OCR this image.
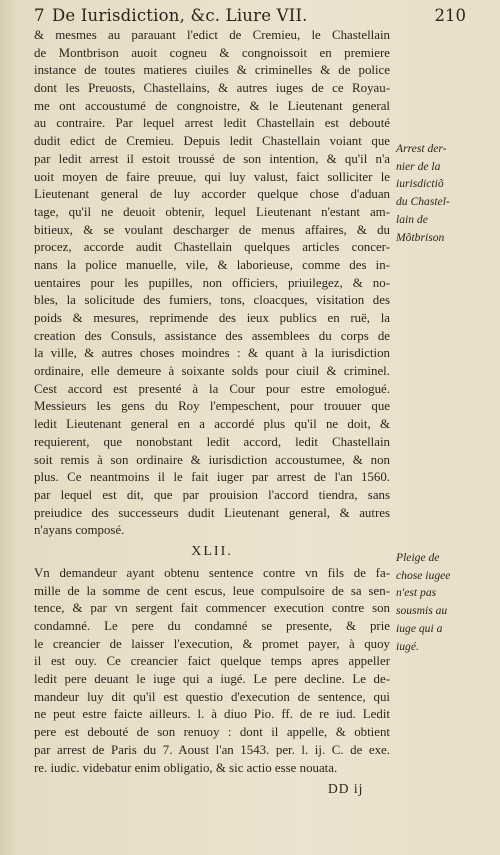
7 De Iurisdiction, &c. Liure VII.	210
& mesmes au parauant l'edict de Cremieu, le Chastellain
de Montbrison auoit cogneu & congnoissoit en premiere
instance de toutes matieres ciuiles & criminelles & de police
dont les Preuosts, Chastellains, & autres iuges de ce Royau-
me ont accoustumé de congnoistre, & le Lieutenant general
au contraire. Par lequel arrest ledit Chastellain est debouté
dudit edict de Cremieu. Depuis ledit Chastellain voiant que
par ledit arrest il estoit troussé de son intention, & qu'il n'a
uoit moyen de faire preuue, qui luy valust, faict solliciter le
Lieutenant general de luy accorder quelque chose d'aduan
tage, qu'il ne deuoit obtenir, lequel Lieutenant n'estant am-
bitieux, & se voulant descharger de menus affaires, & du
procez, accorde audit Chastellain quelques articles concer-
nans la police manuelle, vile, & laborieuse, comme des in-
uentaires pour les pupilles, non officiers, priuilegez, & no-
bles, la solicitude des fumiers, tons, cloacques, visitation des
poids & mesures, reprimende des ieux publics en ruë, la
creation des Consuls, assistance des assemblees du corps de
la ville, & autres choses moindres : & quant à la iurisdiction
ordinaire, elle demeure à soixante solds pour ciuil & criminel.
Cest accord est presenté à la Cour pour estre emologué.
Messieurs les gens du Roy l'empeschent, pour trouuer que
ledit Lieutenant general en a accordé plus qu'il ne doit, &
requierent, que nonobstant ledit accord, ledit Chastellain
soit remis à son ordinaire & iurisdiction accoustumee, & non
plus. Ce neantmoins il le fait iuger par arrest de l'an 1560.
par lequel est dit, que par prouision l'accord tiendra, sans
preiudice des successeurs dudit Lieutenant general, & autres
n'ayans composé.
XLII.
Vn demandeur ayant obtenu sentence contre vn fils de fa-
mille de la somme de cent escus, leue compulsoire de sa sen-
tence, & par vn sergent fait commencer execution contre son
condamné. Le pere du condamné se presente, & prie
le creancier de laisser l'execution, & promet payer, à quoy
il est ouy. Ce creancier faict quelque temps apres appeller
ledit pere deuant le iuge qui a iugé. Le pere decline. Le de-
mandeur luy dit qu'il est questio d'execution de sentence, qui
ne peut estre faicte ailleurs. l. à diuo Pio. ff. de re iud. Ledit
pere est debouté de son renuoy : dont il appelle, & obtient
par arrest de Paris du 7. Aoust l'an 1543. per. l. ij. C. de exe.
re. iudic. videbatur enim obligatio, & sic actio esse nouata.
Arrest der-
nier de la
iurisdictiõ
du Chastel-
lain de
Mõtbrison
Pleige de
chose iugee
n'est pas
sousmis au
iuge qui a
iugé.
DD ij
